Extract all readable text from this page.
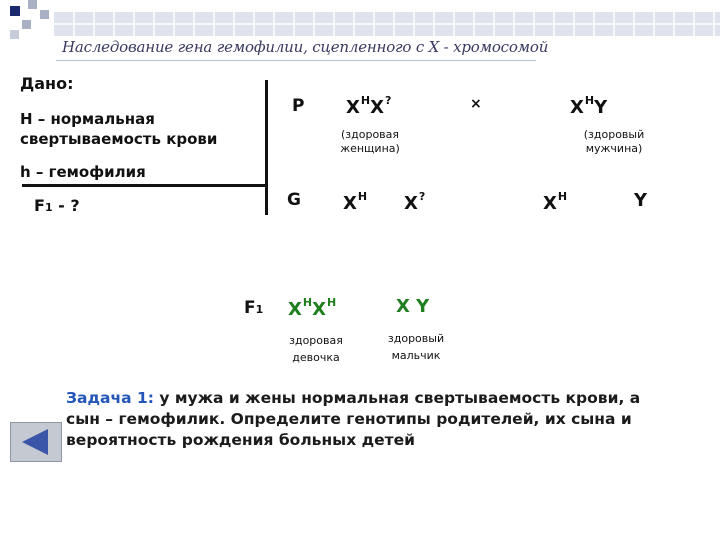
Наследование гена гемофилии, сцепленного с X - хромосомой
Дано:
H – нормальная
свертываемость крови
h – гемофилия
F1 - ?
P $X^HX^?$	×	$X^HY$
(здоровая
женщина)
(здоровый
мужчина)
G $X^H$ X?	$X^H$	Y
F1 $X^HX^H$	X Y
здоровая
девочка
здоровый
мальчик
Задача 1: у мужа и жены нормальная свертываемость крови, а сын – гемофилик. Определите генотипы родителей, их сына и вероятность рождения больных детей
